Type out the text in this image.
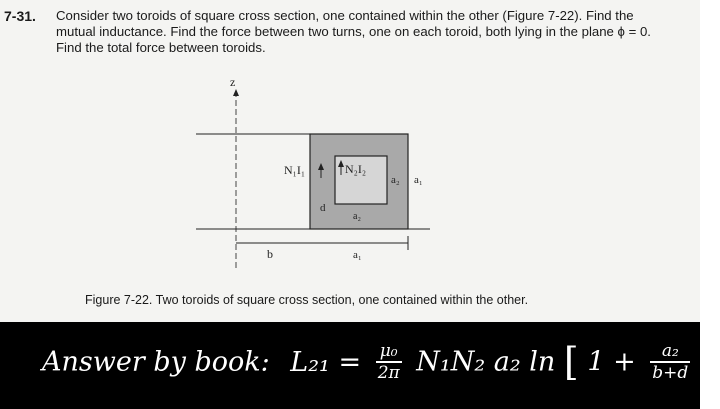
7-31. Consider two toroids of square cross section, one contained within the other (Figure 7-22). Find the
mutual inductance. Find the force between two turns, one on each toroid, both lying in the plane ϕ = 0.
Find the total force between toroids.
z
N₁I₁	N₂I₂
a₂ a₁
d
a₂
b	a₁
Figure 7-22. Two toroids of square cross section, one contained within the other.
Answer by book: $L_{21} = \frac{\text{μ₀}}{2\pi} N_1N_2$ a₂ ln [ $1 + \frac{\text{a₂}}{b+d}$ ]
